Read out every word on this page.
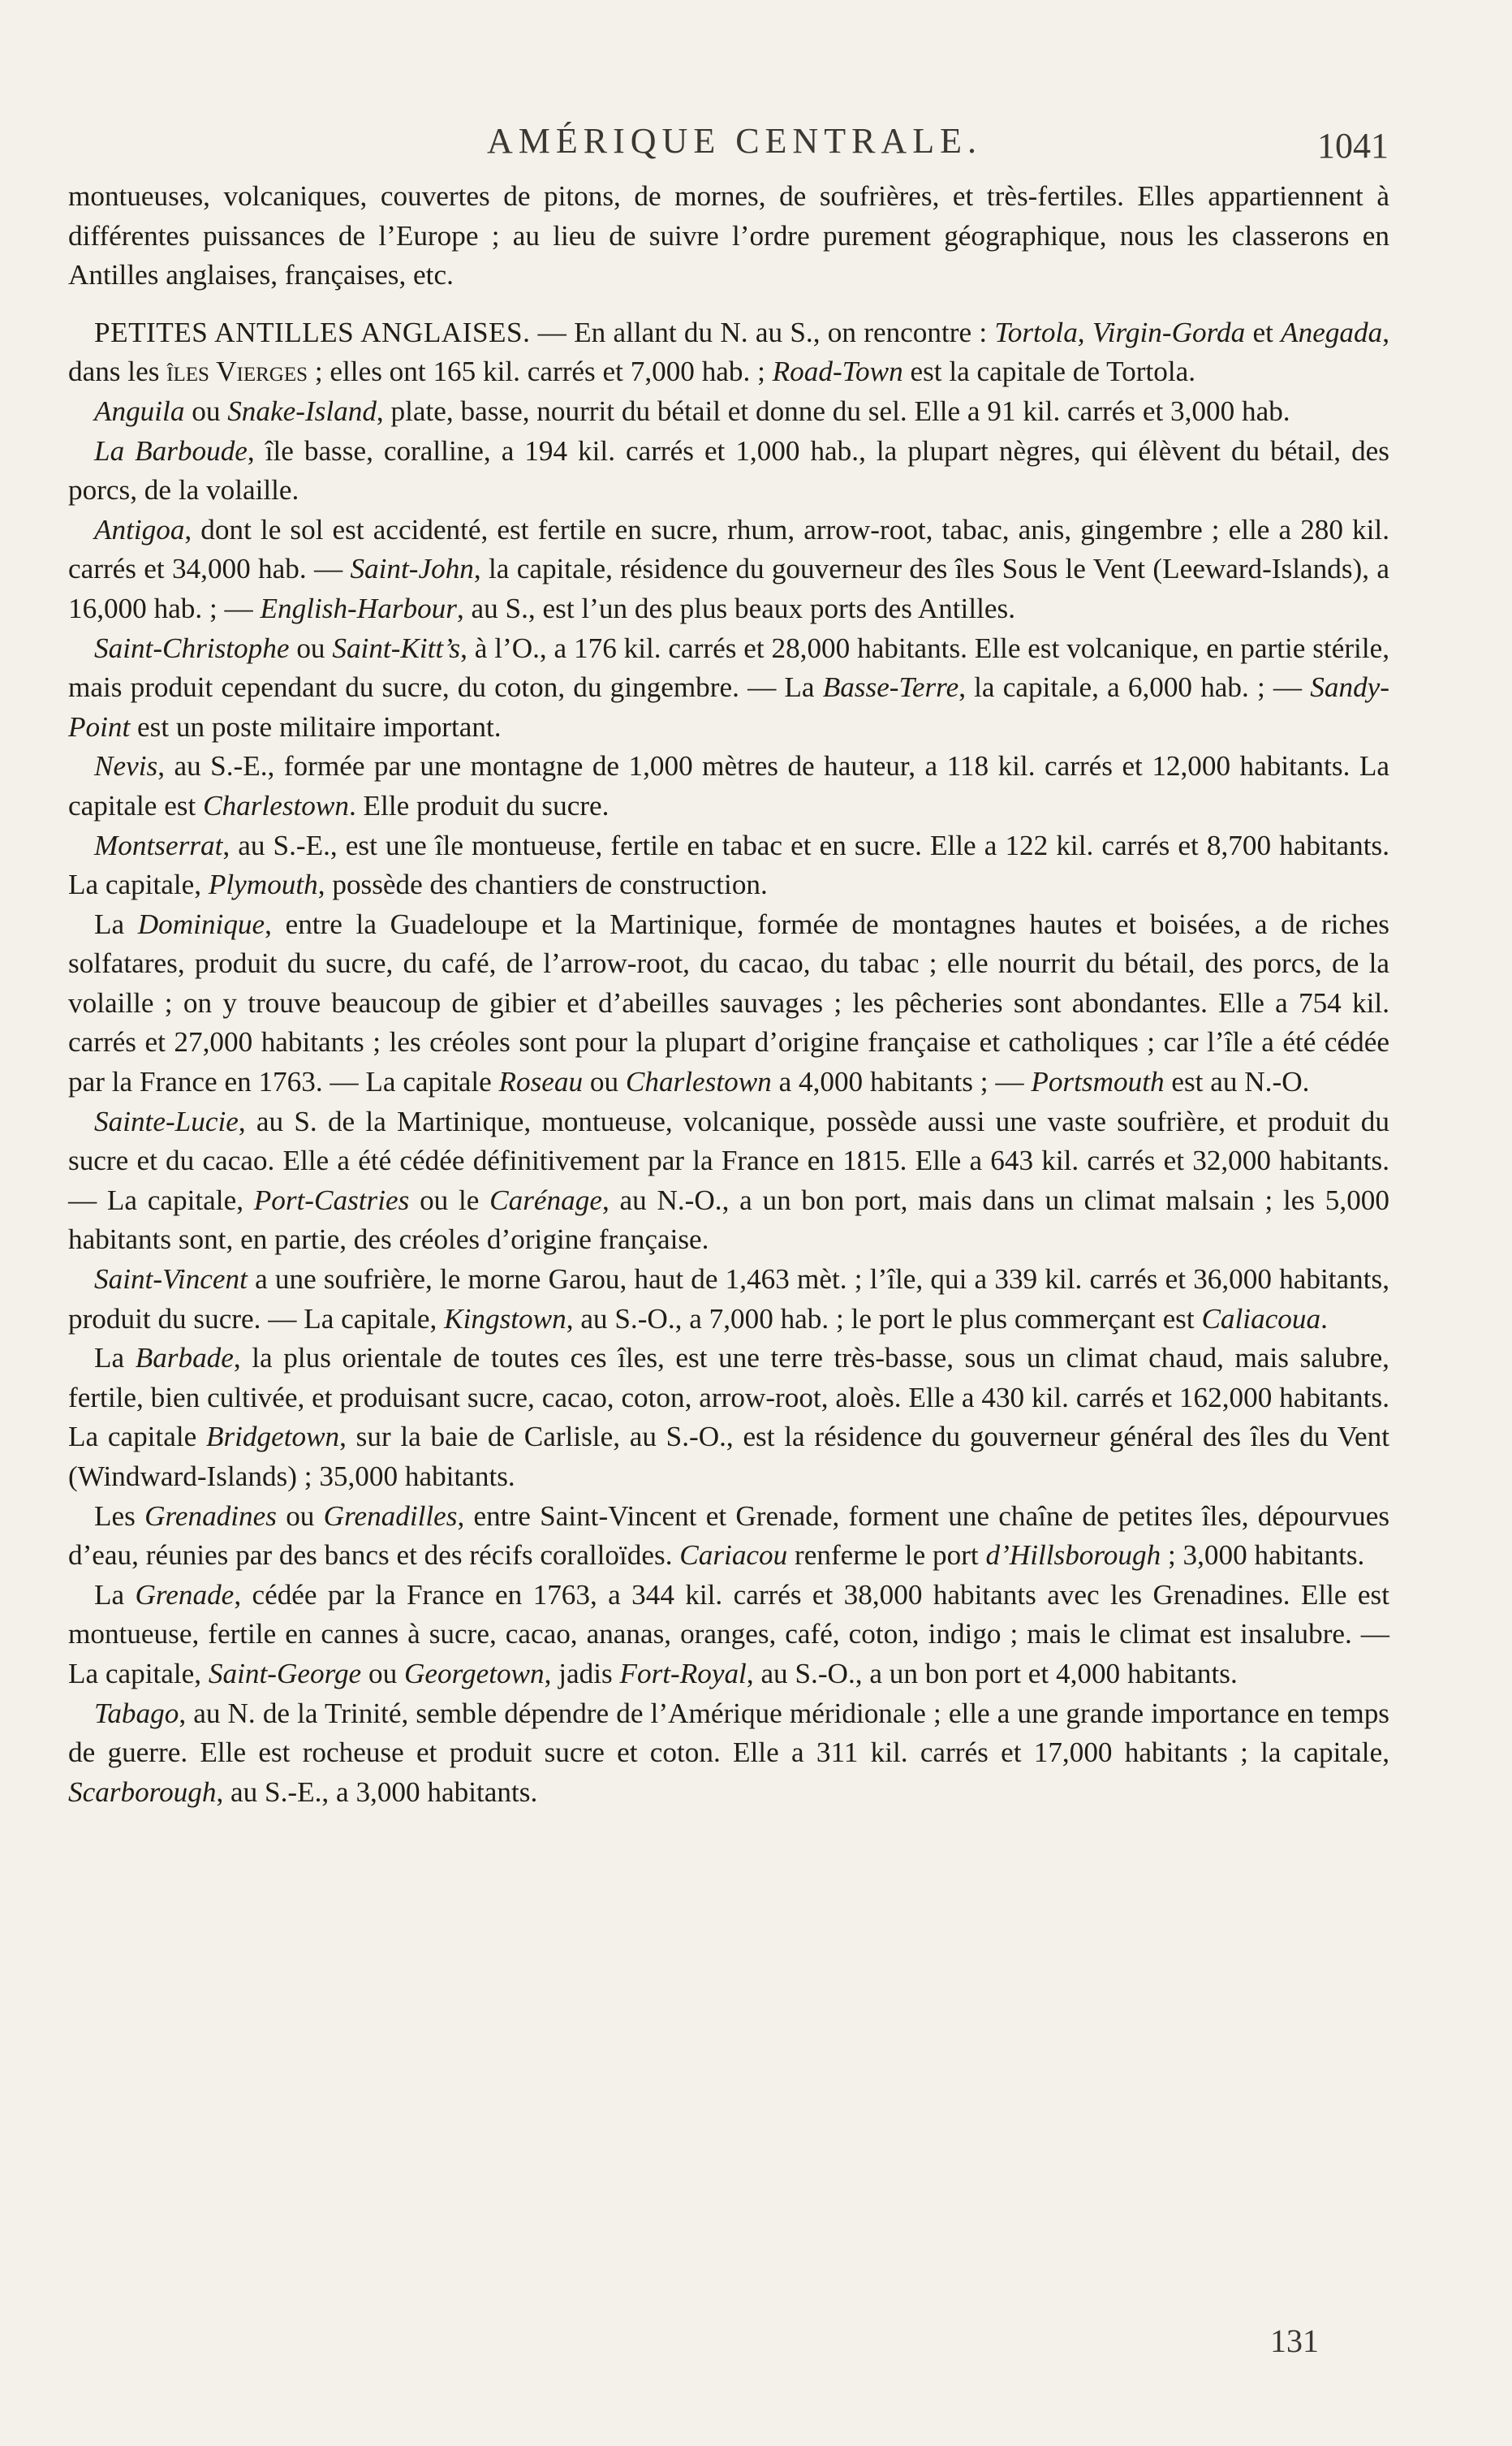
AMÉRIQUE CENTRALE.	1041

montueuses, volcaniques, couvertes de pitons, de mornes, de soufrières, et très-fertiles. Elles appartiennent à différentes puissances de l’Europe ; au lieu de suivre l’ordre purement géographique, nous les classerons en Antilles anglaises, françaises, etc.

PETITES ANTILLES ANGLAISES. — En allant du N. au S., on rencontre : Tortola, Virgin-Gorda et Anegada, dans les îles Vierges ; elles ont 165 kil. carrés et 7,000 hab. ; Road-Town est la capitale de Tortola.

Anguila ou Snake-Island, plate, basse, nourrit du bétail et donne du sel. Elle a 91 kil. carrés et 3,000 hab.

La Barboude, île basse, coralline, a 194 kil. carrés et 1,000 hab., la plupart nègres, qui élèvent du bétail, des porcs, de la volaille.

Antigoa, dont le sol est accidenté, est fertile en sucre, rhum, arrow-root, tabac, anis, gingembre ; elle a 280 kil. carrés et 34,000 hab. — Saint-John, la capitale, résidence du gouverneur des îles Sous le Vent (Leeward-Islands), a 16,000 hab. ; — English-Harbour, au S., est l’un des plus beaux ports des Antilles.

Saint-Christophe ou Saint-Kitt’s, à l’O., a 176 kil. carrés et 28,000 habitants. Elle est volcanique, en partie stérile, mais produit cependant du sucre, du coton, du gingembre. — La Basse-Terre, la capitale, a 6,000 hab. ; — Sandy-Point est un poste militaire important.

Nevis, au S.-E., formée par une montagne de 1,000 mètres de hauteur, a 118 kil. carrés et 12,000 habitants. La capitale est Charlestown. Elle produit du sucre.

Montserrat, au S.-E., est une île montueuse, fertile en tabac et en sucre. Elle a 122 kil. carrés et 8,700 habitants. La capitale, Plymouth, possède des chantiers de construction.

La Dominique, entre la Guadeloupe et la Martinique, formée de montagnes hautes et boisées, a de riches solfatares, produit du sucre, du café, de l’arrow-root, du cacao, du tabac ; elle nourrit du bétail, des porcs, de la volaille ; on y trouve beaucoup de gibier et d’abeilles sauvages ; les pêcheries sont abondantes. Elle a 754 kil. carrés et 27,000 habitants ; les créoles sont pour la plupart d’origine française et catholiques ; car l’île a été cédée par la France en 1763. — La capitale Roseau ou Charlestown a 4,000 habitants ; — Portsmouth est au N.-O.

Sainte-Lucie, au S. de la Martinique, montueuse, volcanique, possède aussi une vaste soufrière, et produit du sucre et du cacao. Elle a été cédée définitivement par la France en 1815. Elle a 643 kil. carrés et 32,000 habitants. — La capitale, Port-Castries ou le Carénage, au N.-O., a un bon port, mais dans un climat malsain ; les 5,000 habitants sont, en partie, des créoles d’origine française.

Saint-Vincent a une soufrière, le morne Garou, haut de 1,463 mèt. ; l’île, qui a 339 kil. carrés et 36,000 habitants, produit du sucre. — La capitale, Kingstown, au S.-O., a 7,000 hab. ; le port le plus commerçant est Caliacoua.

La Barbade, la plus orientale de toutes ces îles, est une terre très-basse, sous un climat chaud, mais salubre, fertile, bien cultivée, et produisant sucre, cacao, coton, arrow-root, aloès. Elle a 430 kil. carrés et 162,000 habitants. La capitale Bridgetown, sur la baie de Carlisle, au S.-O., est la résidence du gouverneur général des îles du Vent (Windward-Islands) ; 35,000 habitants.

Les Grenadines ou Grenadilles, entre Saint-Vincent et Grenade, forment une chaîne de petites îles, dépourvues d’eau, réunies par des bancs et des récifs coralloïdes. Cariacou renferme le port d’Hillsborough ; 3,000 habitants.

La Grenade, cédée par la France en 1763, a 344 kil. carrés et 38,000 habitants avec les Grenadines. Elle est montueuse, fertile en cannes à sucre, cacao, ananas, oranges, café, coton, indigo ; mais le climat est insalubre. — La capitale, Saint-George ou Georgetown, jadis Fort-Royal, au S.-O., a un bon port et 4,000 habitants.

Tabago, au N. de la Trinité, semble dépendre de l’Amérique méridionale ; elle a une grande importance en temps de guerre. Elle est rocheuse et produit sucre et coton. Elle a 311 kil. carrés et 17,000 habitants ; la capitale, Scarborough, au S.-E., a 3,000 habitants.

131
